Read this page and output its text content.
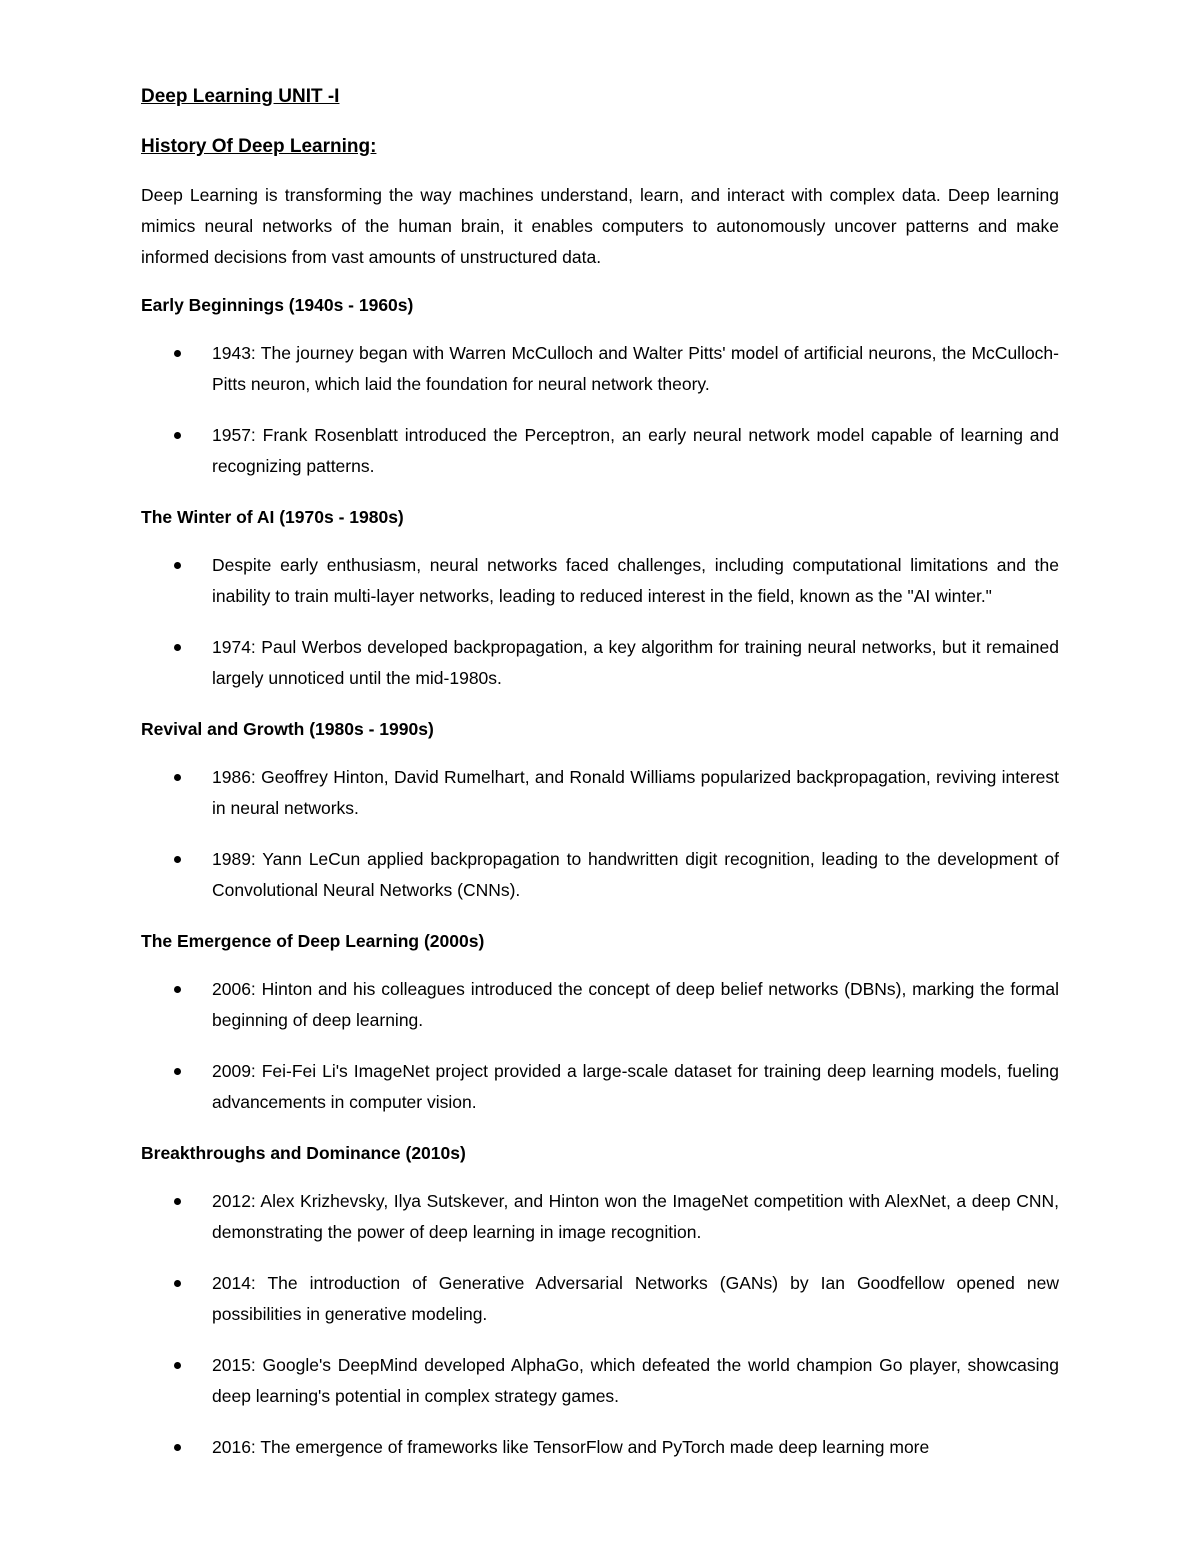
Deep Learning UNIT -I
History Of Deep Learning:

Deep Learning is transforming the way machines understand, learn, and interact with complex data. Deep learning mimics neural networks of the human brain, it enables computers to autonomously uncover patterns and make informed decisions from vast amounts of unstructured data.

Early Beginnings (1940s - 1960s)
1943: The journey began with Warren McCulloch and Walter Pitts' model of artificial neurons, the McCulloch-Pitts neuron, which laid the foundation for neural network theory.
1957: Frank Rosenblatt introduced the Perceptron, an early neural network model capable of learning and recognizing patterns.
The Winter of AI (1970s - 1980s)
Despite early enthusiasm, neural networks faced challenges, including computational limitations and the inability to train multi-layer networks, leading to reduced interest in the field, known as the "AI winter."
1974: Paul Werbos developed backpropagation, a key algorithm for training neural networks, but it remained largely unnoticed until the mid-1980s.
Revival and Growth (1980s - 1990s)
1986: Geoffrey Hinton, David Rumelhart, and Ronald Williams popularized backpropagation, reviving interest in neural networks.
1989: Yann LeCun applied backpropagation to handwritten digit recognition, leading to the development of Convolutional Neural Networks (CNNs).
The Emergence of Deep Learning (2000s)
2006: Hinton and his colleagues introduced the concept of deep belief networks (DBNs), marking the formal beginning of deep learning.
2009: Fei-Fei Li's ImageNet project provided a large-scale dataset for training deep learning models, fueling advancements in computer vision.
Breakthroughs and Dominance (2010s)
2012: Alex Krizhevsky, Ilya Sutskever, and Hinton won the ImageNet competition with AlexNet, a deep CNN, demonstrating the power of deep learning in image recognition.
2014: The introduction of Generative Adversarial Networks (GANs) by Ian Goodfellow opened new possibilities in generative modeling.
2015: Google's DeepMind developed AlphaGo, which defeated the world champion Go player, showcasing deep learning's potential in complex strategy games.
2016: The emergence of frameworks like TensorFlow and PyTorch made deep learning more
